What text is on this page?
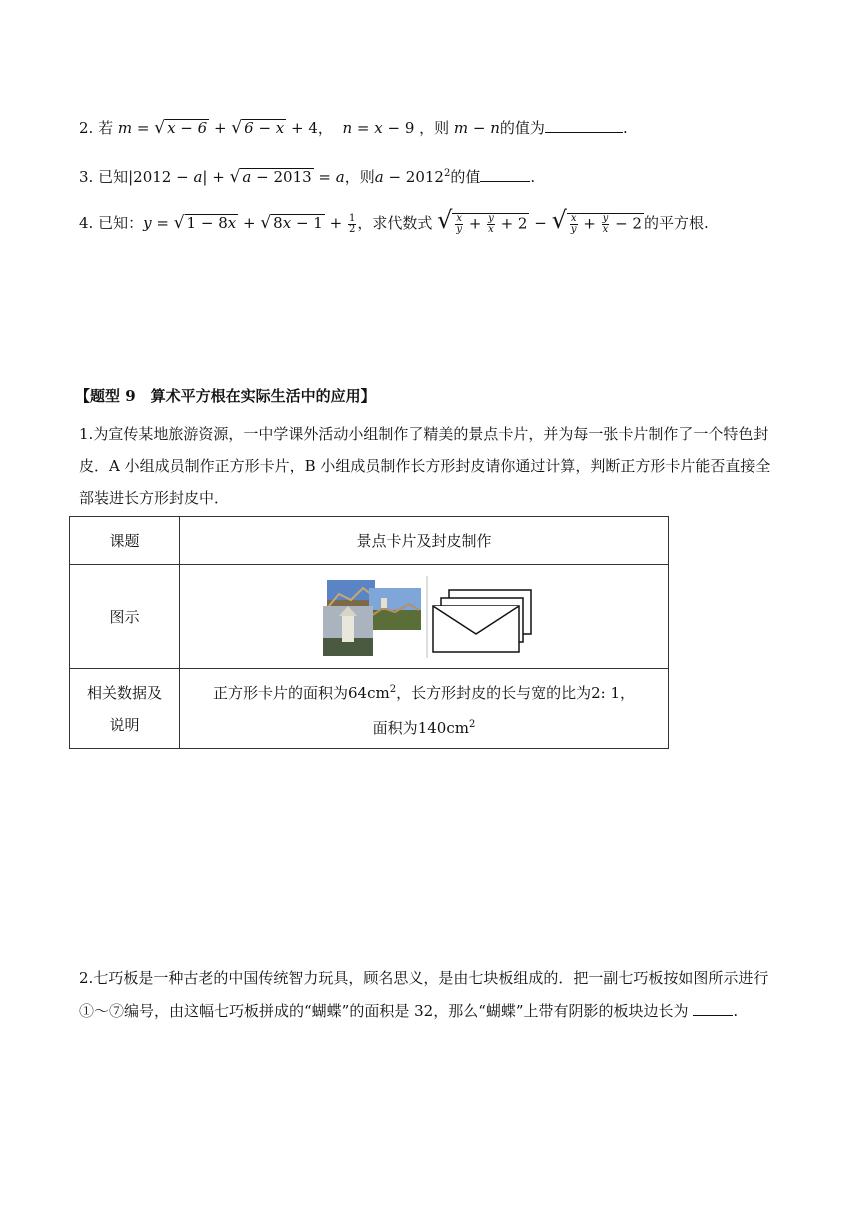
2. 若 m = √ x − 6 + √ 6 − x + 4，  n = x − 9 ，则 m − n的值为	.
3. 已知|2012 − a| + √ a − 2013 = a，则$a - 2012^2$的值	.
4. 已知：y = √ 1 − 8x + √ $8x - 1 + \frac{1}{2}$ ，求代数式 √ $\frac{x}{y} + \frac{y}{x} + 2$ − √ $\frac{x}{y} + \frac{y}{x} - 2$ 的平方根.
【题型 9　算术平方根在实际生活中的应用】
1.为宣传某地旅游资源，一中学课外活动小组制作了精美的景点卡片，并为每一张卡片制作了一个特色封皮．A 小组成员制作正方形卡片，B 小组成员制作长方形封皮请你通过计算，判断正方形卡片能否直接全部装进长方形封皮中．
课题	景点卡片及封皮制作
图示	

相关数据及
说明	正方形卡片的面积为$64cm^2$，长方形封皮的长与宽的比为2: 1，
面积为$140cm^2$
2.七巧板是一种古老的中国传统智力玩具，顾名思义，是由七块板组成的．把一副七巧板按如图所示进行①～⑦编号，由这幅七巧板拼成的“蝴蝶”的面积是 32，那么“蝴蝶”上带有阴影的板块边长为	.
